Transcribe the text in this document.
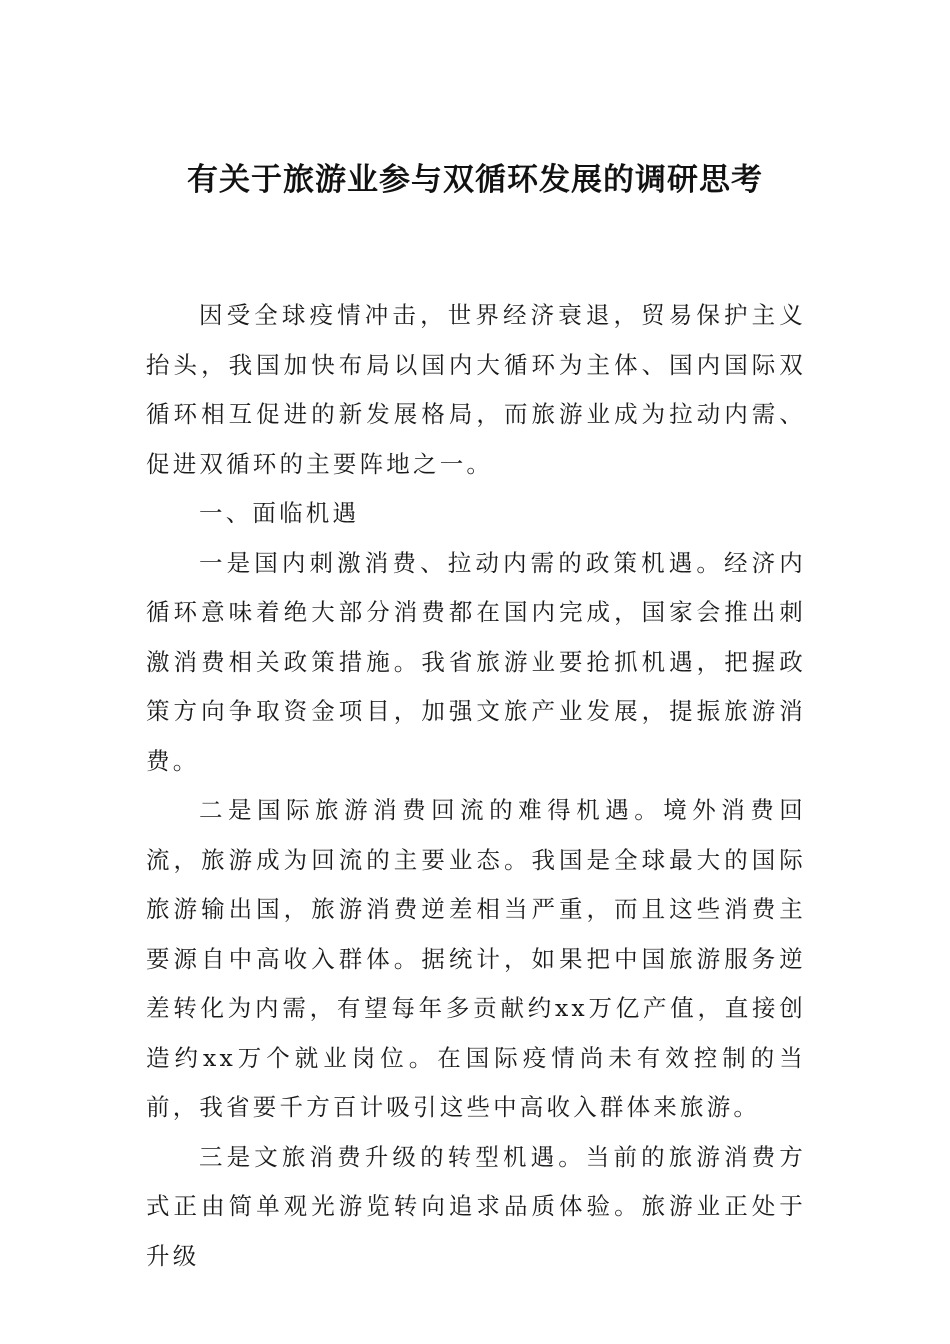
有关于旅游业参与双循环发展的调研思考

因受全球疫情冲击，世界经济衰退，贸易保护主义抬头，我国加快布局以国内大循环为主体、国内国际双循环相互促进的新发展格局，而旅游业成为拉动内需、促进双循环的主要阵地之一。

一、面临机遇

一是国内刺激消费、拉动内需的政策机遇。经济内循环意味着绝大部分消费都在国内完成，国家会推出刺激消费相关政策措施。我省旅游业要抢抓机遇，把握政策方向争取资金项目，加强文旅产业发展，提振旅游消费。

二是国际旅游消费回流的难得机遇。境外消费回流，旅游成为回流的主要业态。我国是全球最大的国际旅游输出国，旅游消费逆差相当严重，而且这些消费主要源自中高收入群体。据统计，如果把中国旅游服务逆差转化为内需，有望每年多贡献约xx万亿产值，直接创造约xx万个就业岗位。在国际疫情尚未有效控制的当前，我省要千方百计吸引这些中高收入群体来旅游。

三是文旅消费升级的转型机遇。当前的旅游消费方式正由简单观光游览转向追求品质体验。旅游业正处于升级
